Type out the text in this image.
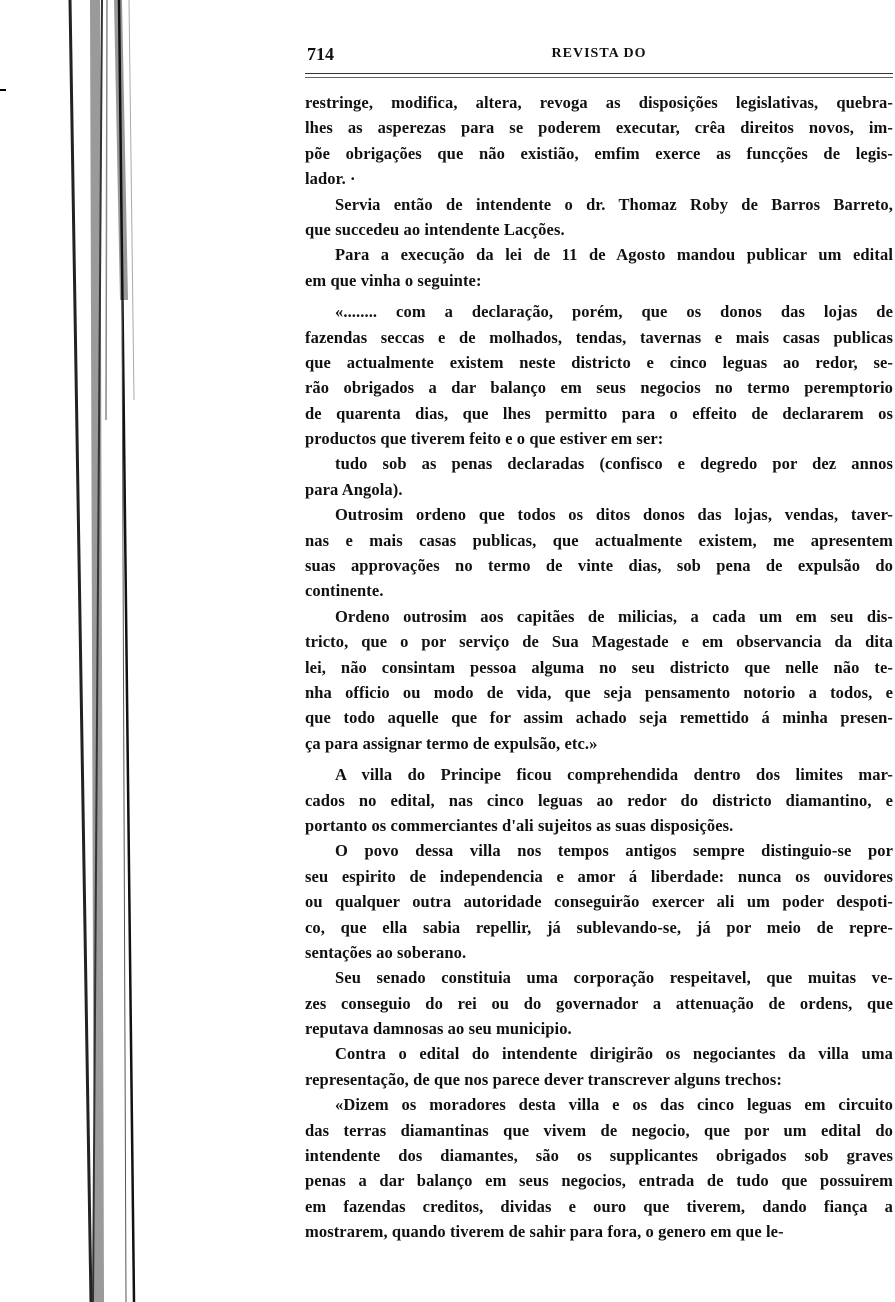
714	REVISTA DO
restringe, modifica, altera, revoga as disposições legislativas, quebra-
lhes as asperezas para se poderem executar, crêa direitos novos, im-
põe obrigações que não existião, emfim exerce as funcções de legis-
lador. ·
Servia então de intendente o dr. Thomaz Roby de Barros Barreto,
que succedeu ao intendente Lacções.
Para a execução da lei de 11 de Agosto mandou publicar um edital
em que vinha o seguinte:
«........ com a declaração, porém, que os donos das lojas de
fazendas seccas e de molhados, tendas, tavernas e mais casas publicas
que actualmente existem neste districto e cinco leguas ao redor, se-
rão obrigados a dar balanço em seus negocios no termo peremptorio
de quarenta dias, que lhes permitto para o effeito de declararem os
productos que tiverem feito e o que estiver em ser:
tudo sob as penas declaradas (confisco e degredo por dez annos
para Angola).
Outrosim ordeno que todos os ditos donos das lojas, vendas, taver-
nas e mais casas publicas, que actualmente existem, me apresentem
suas approvações no termo de vinte dias, sob pena de expulsão do
continente.
Ordeno outrosim aos capitães de milicias, a cada um em seu dis-
tricto, que o por serviço de Sua Magestade e em observancia da dita
lei, não consintam pessoa alguma no seu districto que nelle não te-
nha officio ou modo de vida, que seja pensamento notorio a todos, e
que todo aquelle que for assim achado seja remettido á minha presen-
ça para assignar termo de expulsão, etc.»
A villa do Principe ficou comprehendida dentro dos limites mar-
cados no edital, nas cinco leguas ao redor do districto diamantino, e
portanto os commerciantes d'ali sujeitos as suas disposições.
O povo dessa villa nos tempos antigos sempre distinguio-se por
seu espirito de independencia e amor á liberdade: nunca os ouvidores
ou qualquer outra autoridade conseguirão exercer ali um poder despoti-
co, que ella sabia repellir, já sublevando-se, já por meio de repre-
sentações ao soberano.
Seu senado constituia uma corporação respeitavel, que muitas ve-
zes conseguio do rei ou do governador a attenuação de ordens, que
reputava damnosas ao seu municipio.
Contra o edital do intendente dirigirão os negociantes da villa uma
representação, de que nos parece dever transcrever alguns trechos:
«Dizem os moradores desta villa e os das cinco leguas em circuito
das terras diamantinas que vivem de negocio, que por um edital do
intendente dos diamantes, são os supplicantes obrigados sob graves
penas a dar balanço em seus negocios, entrada de tudo que possuirem
em fazendas creditos, dividas e ouro que tiverem, dando fiança a
mostrarem, quando tiverem de sahir para fora, o genero em que le-
